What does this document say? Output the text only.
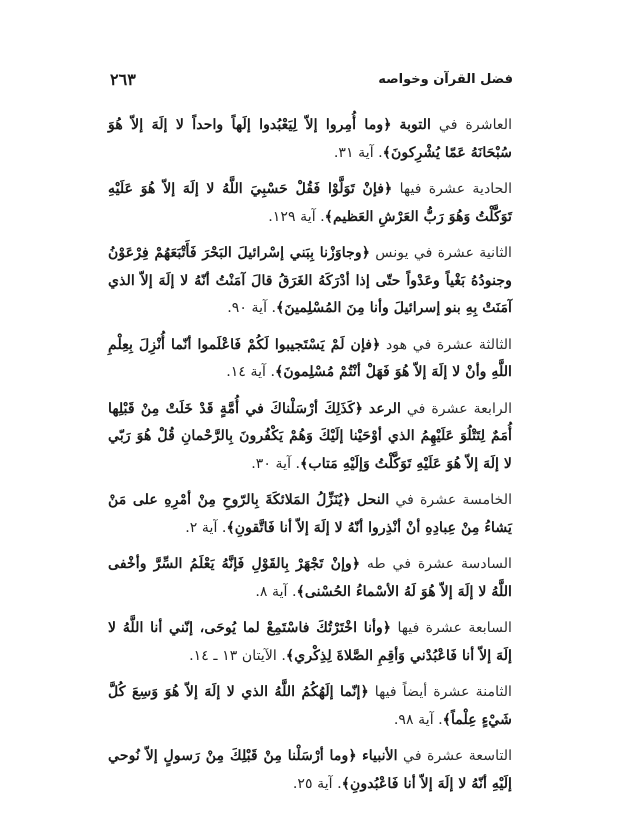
فضل القرآن وخواصه
٢٦٣

العاشرة في التوبة ﴿وما أُمِروا إلاّ لِيَعْبُدوا إلَهاً واحداً لا إلَهَ إلاّ هُوَ سُبْحَانَهُ عَمّا يُشْرِكونَ﴾. آية ٣١.

الحادية عشرة فيها ﴿فإنْ تَوَلَّوْا فَقُلْ حَسْبِيَ اللَّهُ لا إلَهَ إلاّ هُوَ عَلَيْهِ تَوَكَّلْتُ وَهُوَ رَبُّ العَرْشِ العَظيم﴾. آية ١٢٩.

الثانية عشرة في يونس ﴿وجاوَزْنا بِبَني إسْرائيلَ البَحْرَ فَأَتْبَعَهُمْ فِرْعَوْنُ وجنودُهُ بَغْياً وعَدْواً حتّى إذا أدْرَكَهُ الغَرَقُ قالَ آمَنْتُ أنّهُ لا إلَهَ إلاّ الذي آمَنَتْ بِهِ بنو إسرائيلَ وأنا مِنَ المُسْلِمينَ﴾. آية ٩٠.

الثالثة عشرة في هود ﴿فإن لَمْ يَسْتَجيبوا لَكُمْ فَاعْلَموا أنّما أُنْزِلَ بِعِلْمِ اللَّهِ وأنْ لا إلَهَ إلاّ هُوَ فَهَلْ أنْتُمْ مُسْلِمونَ﴾. آية ١٤.

الرابعة عشرة في الرعد ﴿كَذَلِكَ أرْسَلْناكَ في أُمَّةٍ قَدْ خَلَتْ مِنْ قَبْلِها أُمَمٌ لِتَتْلُوَ عَلَيْهِمُ الذي أوْحَيْنا إلَيْكَ وَهُمْ يَكْفُرونَ بِالرَّحْمانِ قُلْ هُوَ رَبّي لا إلَهَ إلاّ هُوَ عَلَيْهِ تَوَكَّلْتُ وَإلَيْهِ مَتاب﴾. آية ٣٠.

الخامسة عشرة في النحل ﴿يُنَزِّلُ المَلائكَةَ بِالرّوحِ مِنْ أمْرِهِ على مَنْ يَشاءُ مِنْ عِبادِهِ أنْ أنْذِروا أنّهُ لا إلَهَ إلاّ أنا فَاتَّقونِ﴾. آية ٢.

السادسة عشرة في طه ﴿وإنْ تَجْهَرْ بِالقَوْلِ فَإنَّهُ يَعْلَمُ السِّرَّ وأخْفى اللَّهُ لا إلَهَ إلاّ هُوَ لَهُ الأسْماءُ الحُسْنى﴾. آية ٨.

السابعة عشرة فيها ﴿وأنا اخْتَرْتُكَ فاسْتَمِعْ لما يُوحَى، إنّني أنا اللَّهُ لا إلَهَ إلاّ أنا فَاعْبُدْني وَأقِمِ الصَّلاةَ لِذِكْري﴾. الآيتان ١٣ ـ ١٤.

الثامنة عشرة أيضاً فيها ﴿إنّما إلَهُكُمُ اللَّهُ الذي لا إلَهَ إلاّ هُوَ وَسِعَ كُلَّ شَيْءٍ عِلْماً﴾. آية ٩٨.

التاسعة عشرة في الأنبياء ﴿وما أرْسَلْنا مِنْ قَبْلِكَ مِنْ رَسولٍ إلاّ نُوحي إلَيْهِ أنّهُ لا إلَهَ إلاّ أنا فَاعْبُدونِ﴾. آية ٢٥.
